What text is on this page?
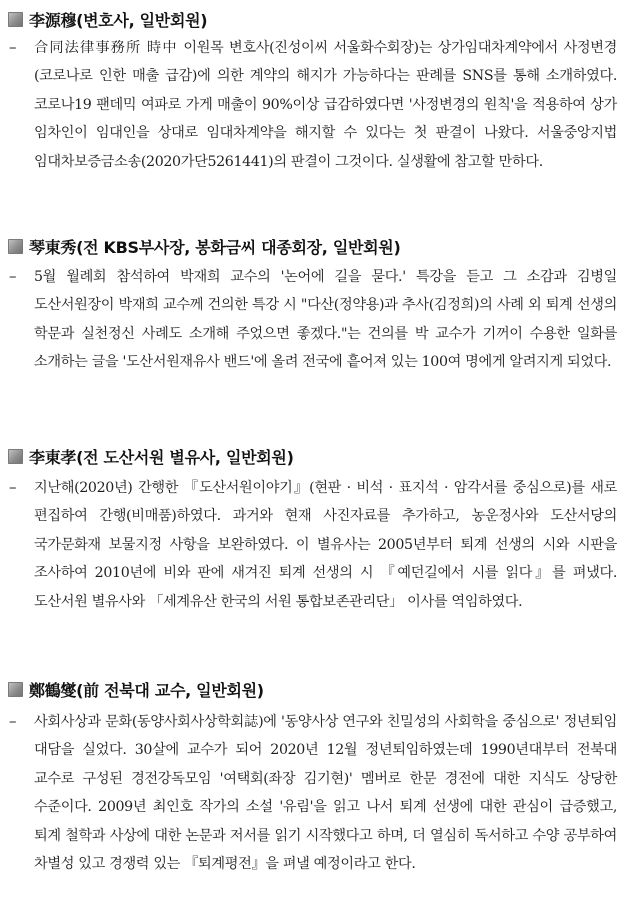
李源穆(변호사, 일반회원)
– 合同法律事務所 時中 이원목 변호사(진성이씨 서울화수회장)는 상가임대차계약에서 사정변경(코로나로 인한 매출 급감)에 의한 계약의 해지가 가능하다는 판례를 SNS를 통해 소개하였다. 코로나19 팬데믹 여파로 가게 매출이 90%이상 급감하였다면 '사정변경의 원칙'을 적용하여 상가 임차인이 임대인을 상대로 임대차계약을 해지할 수 있다는 첫 판결이 나왔다. 서울중앙지법 임대차보증금소송(2020가단5261441)의 판결이 그것이다. 실생활에 참고할 만하다.
琴東秀(전 KBS부사장, 봉화금씨 대종회장, 일반회원)
– 5월 월례회 참석하여 박재희 교수의 '논어에 길을 묻다.' 특강을 듣고 그 소감과 김병일 도산서원장이 박재희 교수께 건의한 특강 시 "다산(정약용)과 추사(김정희)의 사례 외 퇴계 선생의 학문과 실천정신 사례도 소개해 주었으면 좋겠다."는 건의를 박 교수가 기꺼이 수용한 일화를 소개하는 글을 '도산서원재유사 밴드'에 올려 전국에 흩어져 있는 100여 명에게 알려지게 되었다.
李東孝(전 도산서원 별유사, 일반회원)
– 지난해(2020년) 간행한 『도산서원이야기』(현판 · 비석 · 표지석 · 암각서를 중심으로)를 새로 편집하여 간행(비매품)하였다. 과거와 현재 사진자료를 추가하고, 농운정사와 도산서당의 국가문화재 보물지정 사항을 보완하였다. 이 별유사는 2005년부터 퇴계 선생의 시와 시판을 조사하여 2010년에 비와 판에 새겨진 퇴계 선생의 시 『예던길에서 시를 읽다』를 펴냈다. 도산서원 별유사와 「세계유산 한국의 서원 통합보존관리단」 이사를 역임하였다.
鄭鶴燮(前 전북대 교수, 일반회원)
– 사회사상과 문화(동양사회사상학회誌)에 '동양사상 연구와 친밀성의 사회학을 중심으로' 정년퇴임 대담을 실었다. 30살에 교수가 되어 2020년 12월 정년퇴임하였는데 1990년대부터 전북대 교수로 구성된 경전강독모임 '여택회(좌장 김기현)' 멤버로 한문 경전에 대한 지식도 상당한 수준이다. 2009년 최인호 작가의 소설 '유림'을 읽고 나서 퇴계 선생에 대한 관심이 급증했고, 퇴계 철학과 사상에 대한 논문과 저서를 읽기 시작했다고 하며, 더 열심히 독서하고 수양 공부하여 차별성 있고 경쟁력 있는 『퇴계평전』을 펴낼 예정이라고 한다.
